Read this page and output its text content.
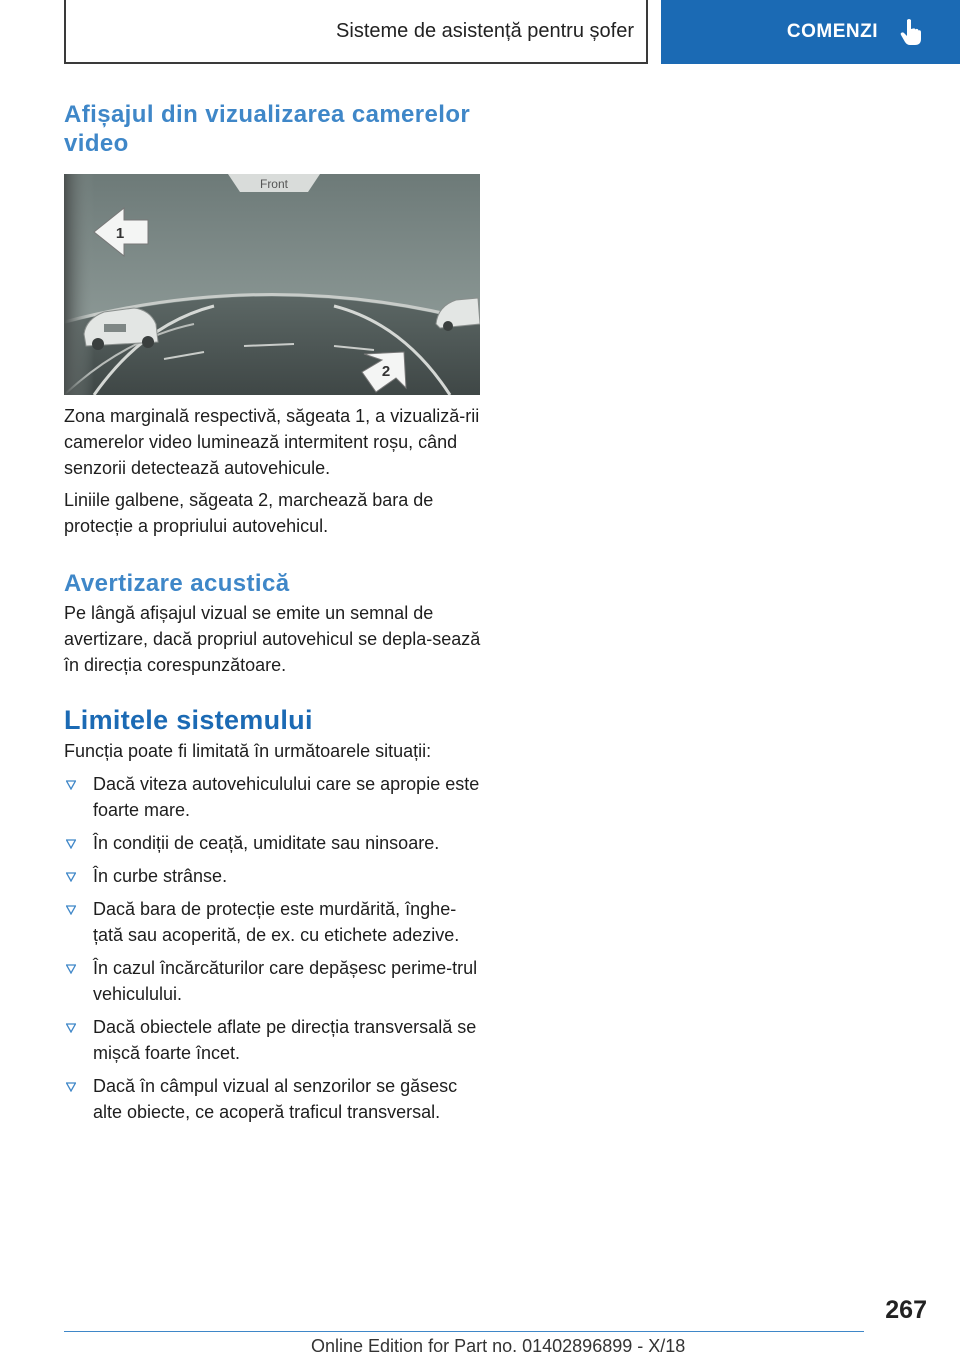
Sisteme de asistență pentru șofer	COMENZI
Afișajul din vizualizarea camerelor video
Front
1
2

Zona marginală respectivă, săgeata 1, a vizualiză‐rii camerelor video luminează intermitent roșu, când senzorii detectează autovehicule.

Liniile galbene, săgeata 2, marchează bara de protecție a propriului autovehicul.

Avertizare acustică

Pe lângă afișajul vizual se emite un semnal de avertizare, dacă propriul autovehicul se depla‐sează în direcția corespunzătoare.

Limitele sistemului

Funcția poate fi limitată în următoarele situații:

Dacă viteza autovehiculului care se apropie este foarte mare.
În condiții de ceață, umiditate sau ninsoare.
În curbe strânse.
Dacă bara de protecție este murdărită, înghe‐țată sau acoperită, de ex. cu etichete adezive.
În cazul încărcăturilor care depășesc perime‐trul vehiculului.
Dacă obiectele aflate pe direcția transversală se mișcă foarte încet.
Dacă în câmpul vizual al senzorilor se găsesc alte obiecte, ce acoperă traficul transversal.
267
Online Edition for Part no. 01402896899 - X/18
